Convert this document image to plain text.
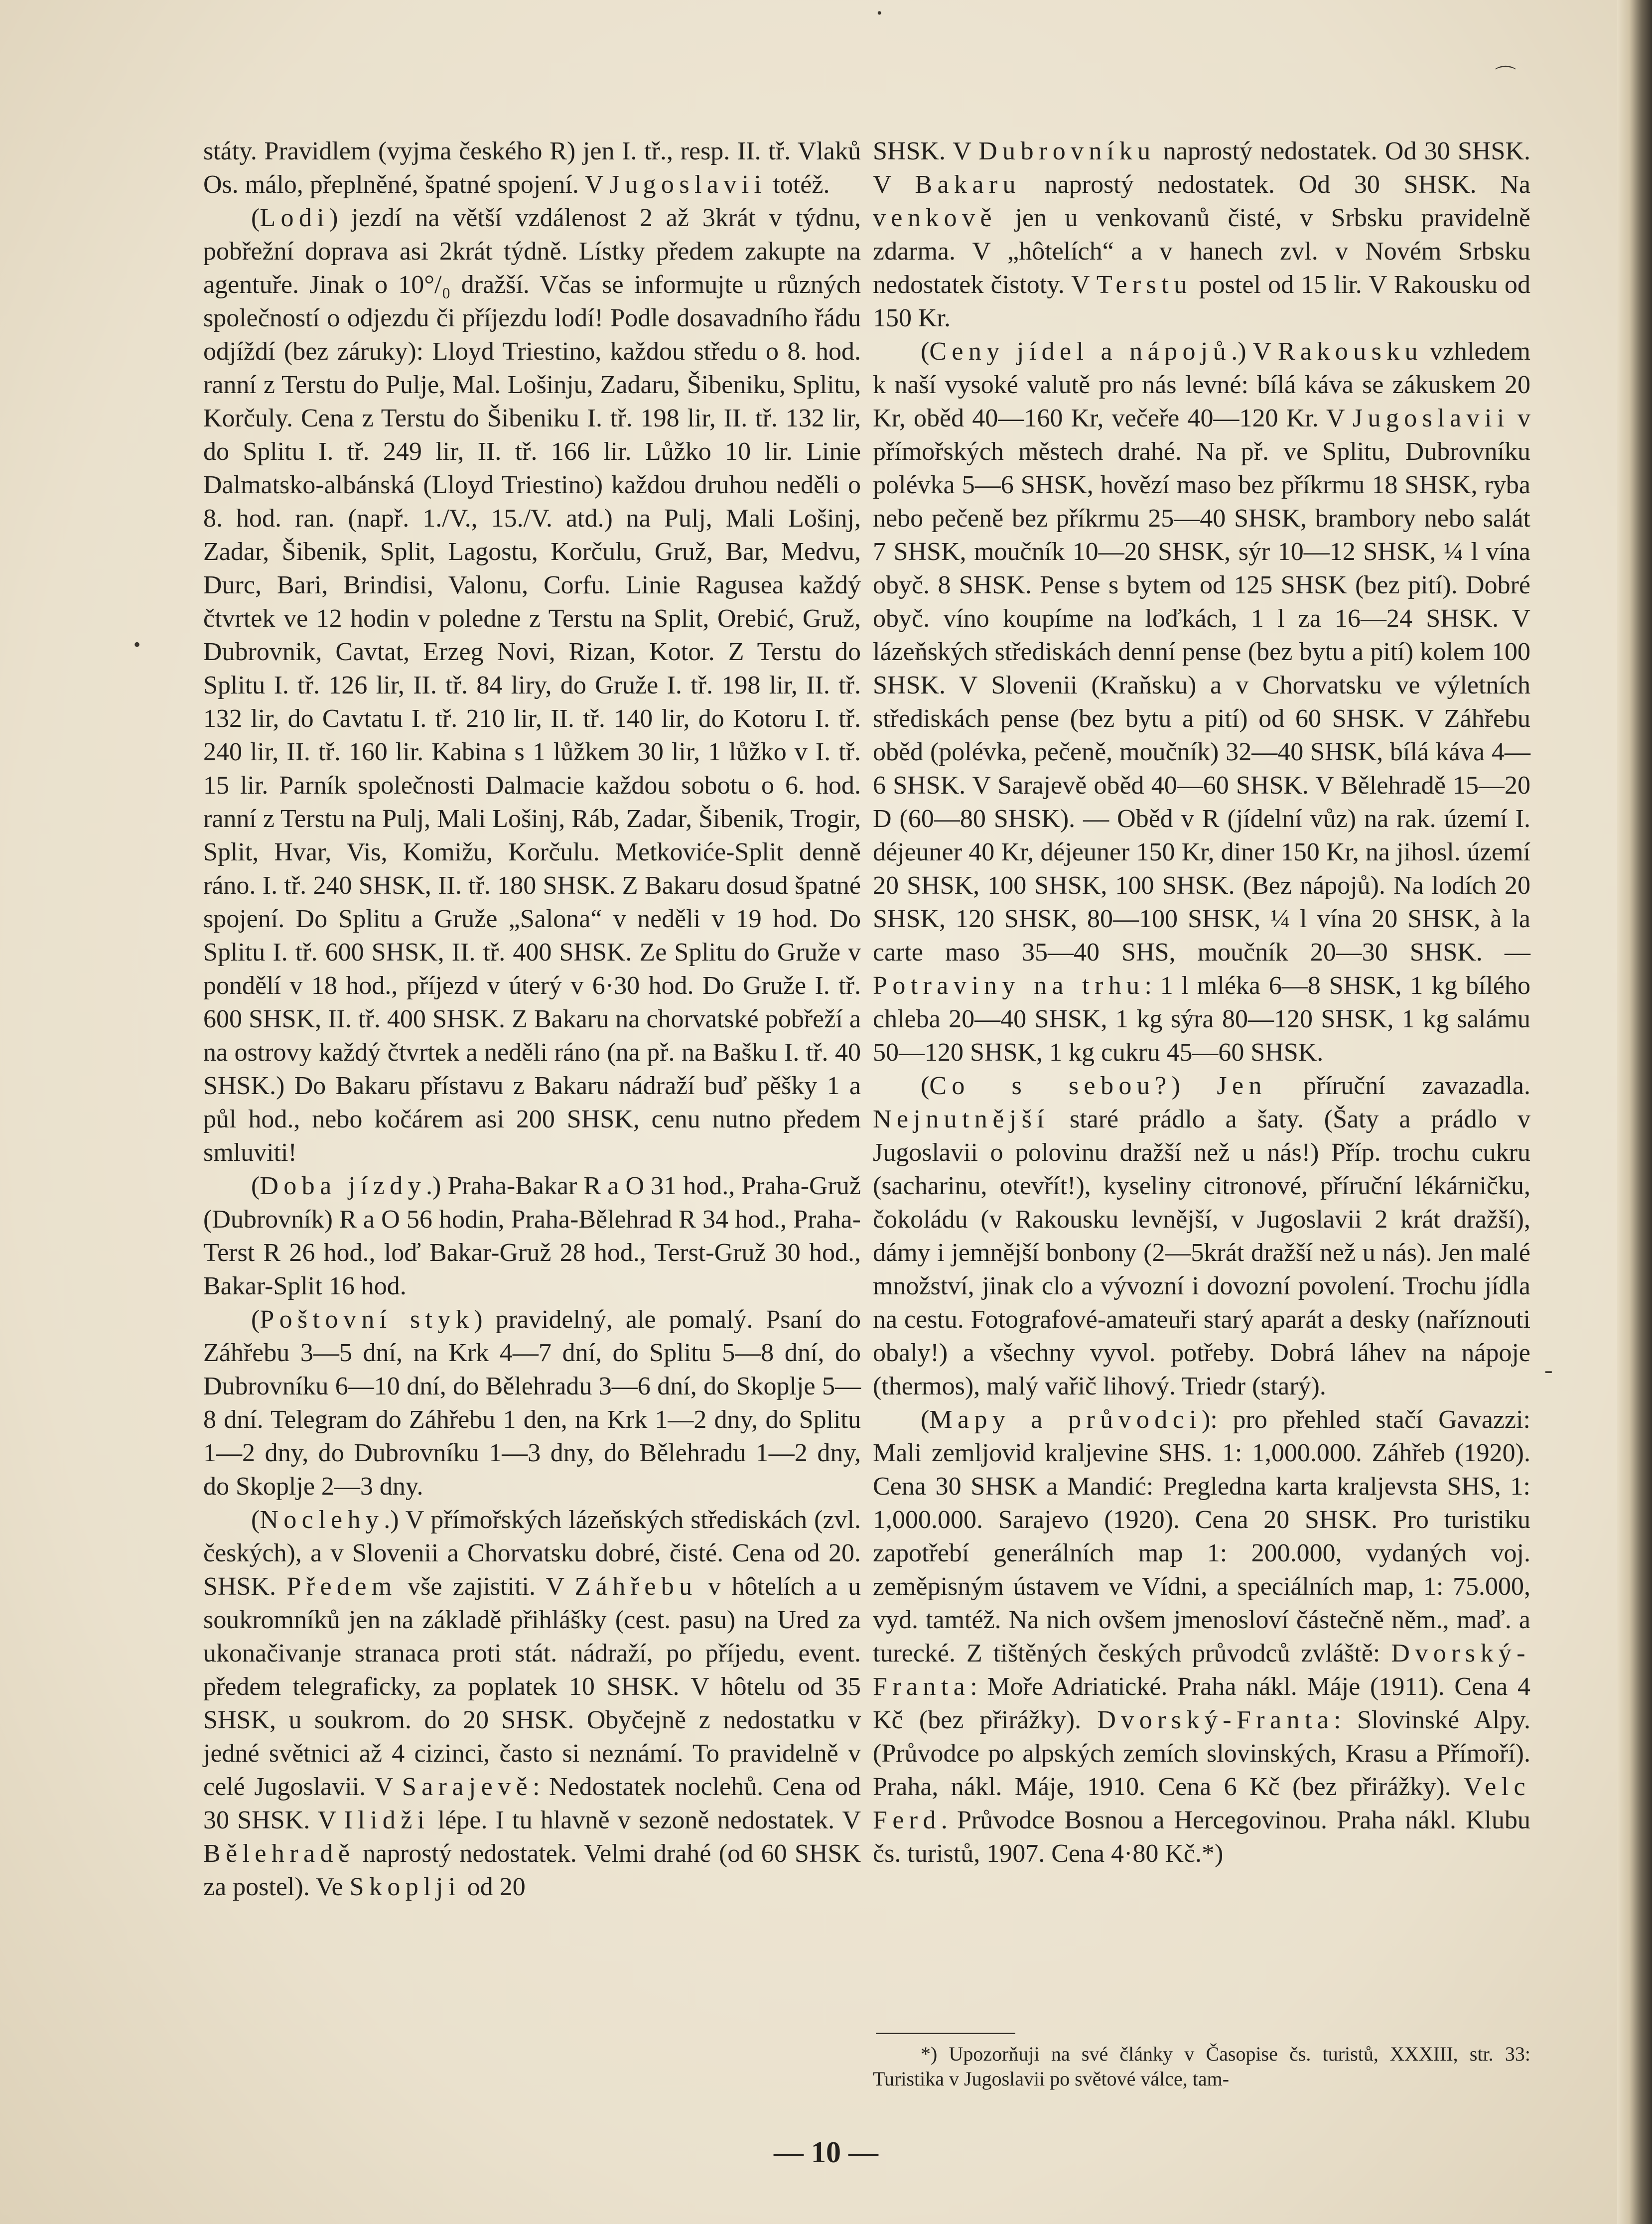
•
⌒
•
-

státy. Pravidlem (vyjma českého R) jen I. tř., resp. II. tř. Vlaků Os. málo, přeplněné, špatné spojení. V Jugoslavii totéž.

(Lodi) jezdí na větší vzdálenost 2 až 3krát v týdnu, pobřežní doprava asi 2krát týdně. Lístky předem zakupte na agentuře. Jinak o 10°/₀ dražší. Včas se informujte u různých společností o odjezdu či příjezdu lodí! Podle dosavadního řádu odjíždí (bez záruky): Lloyd Triestino, každou středu o 8. hod. ranní z Terstu do Pulje, Mal. Lošinju, Zadaru, Šibeniku, Splitu, Korčuly. Cena z Terstu do Šibeniku I. tř. 198 lir, II. tř. 132 lir, do Splitu I. tř. 249 lir, II. tř. 166 lir. Lůžko 10 lir. Linie Dalmatsko-albánská (Lloyd Triestino) každou druhou neděli o 8. hod. ran. (např. 1./V., 15./V. atd.) na Pulj, Mali Lošinj, Zadar, Šibenik, Split, Lagostu, Korčulu, Gruž, Bar, Medvu, Durc, Bari, Brindisi, Valonu, Corfu. Linie Ragusea každý čtvrtek ve 12 hodin v poledne z Terstu na Split, Orebić, Gruž, Dubrovnik, Cavtat, Erzeg Novi, Rizan, Kotor. Z Terstu do Splitu I. tř. 126 lir, II. tř. 84 liry, do Gruže I. tř. 198 lir, II. tř. 132 lir, do Cavtatu I. tř. 210 lir, II. tř. 140 lir, do Kotoru I. tř. 240 lir, II. tř. 160 lir. Kabina s 1 lůžkem 30 lir, 1 lůžko v I. tř. 15 lir. Parník společnosti Dalmacie každou sobotu o 6. hod. ranní z Terstu na Pulj, Mali Lošinj, Ráb, Zadar, Šibenik, Trogir, Split, Hvar, Vis, Komižu, Korčulu. Metkoviće-Split denně ráno. I. tř. 240 SHSK, II. tř. 180 SHSK. Z Bakaru dosud špatné spojení. Do Splitu a Gruže „Salona“ v neděli v 19 hod. Do Splitu I. tř. 600 SHSK, II. tř. 400 SHSK. Ze Splitu do Gruže v pondělí v 18 hod., příjezd v úterý v 6·30 hod. Do Gruže I. tř. 600 SHSK, II. tř. 400 SHSK. Z Bakaru na chorvatské pobřeží a na ostrovy každý čtvrtek a neděli ráno (na př. na Bašku I. tř. 40 SHSK.) Do Bakaru přístavu z Bakaru nádraží buď pěšky 1 a půl hod., nebo kočárem asi 200 SHSK, cenu nutno předem smluviti!

(Doba jízdy.) Praha-Bakar R a O 31 hod., Praha-Gruž (Dubrovník) R a O 56 hodin, Praha-Bělehrad R 34 hod., Praha-Terst R 26 hod., loď Bakar-Gruž 28 hod., Terst-Gruž 30 hod., Bakar-Split 16 hod.

(Poštovní styk) pravidelný, ale pomalý. Psaní do Záhřebu 3—5 dní, na Krk 4—7 dní, do Splitu 5—8 dní, do Dubrovníku 6—10 dní, do Bělehradu 3—6 dní, do Skoplje 5—8 dní. Telegram do Záhřebu 1 den, na Krk 1—2 dny, do Splitu 1—2 dny, do Dubrovníku 1—3 dny, do Bělehradu 1—2 dny, do Skoplje 2—3 dny.

(Noclehy.) V přímořských lázeňských střediskách (zvl. českých), a v Slovenii a Chorvatsku dobré, čisté. Cena od 20. SHSK. Předem vše zajistiti. V Záhřebu v hôtelích a u soukromníků jen na základě přihlášky (cest. pasu) na Ured za ukonačivanje stranaca proti stát. nádraží, po příjedu, event. předem telegraficky, za poplatek 10 SHSK. V hôtelu od 35 SHSK, u soukrom. do 20 SHSK. Obyčejně z nedostatku v jedné světnici až 4 cizinci, často si neznámí. To pravidelně v celé Jugoslavii. V Sarajevě: Nedostatek noclehů. Cena od 30 SHSK. V Ilidži lépe. I tu hlavně v sezoně nedostatek. V Bělehradě naprostý nedostatek. Velmi drahé (od 60 SHSK za postel). Ve Skoplji od 20

SHSK. V Dubrovníku naprostý nedostatek. Od 30 SHSK. V Bakaru naprostý nedostatek. Od 30 SHSK. Na venkově jen u venkovanů čisté, v Srbsku pravidelně zdarma. V „hôtelích“ a v hanech zvl. v Novém Srbsku nedostatek čistoty. V Terstu postel od 15 lir. V Rakousku od 150 Kr.

(Ceny jídel a nápojů.) V Rakousku vzhledem k naší vysoké valutě pro nás levné: bílá káva se zákuskem 20 Kr, oběd 40—160 Kr, večeře 40—120 Kr. V Jugoslavii v přímořských městech drahé. Na př. ve Splitu, Dubrovníku polévka 5—6 SHSK, hovězí maso bez příkrmu 18 SHSK, ryba nebo pečeně bez příkrmu 25—40 SHSK, brambory nebo salát 7 SHSK, moučník 10—20 SHSK, sýr 10—12 SHSK, ¼ l vína obyč. 8 SHSK. Pense s bytem od 125 SHSK (bez pití). Dobré obyč. víno koupíme na loďkách, 1 l za 16—24 SHSK. V lázeňských střediskách denní pense (bez bytu a pití) kolem 100 SHSK. V Slovenii (Kraňsku) a v Chorvatsku ve výletních střediskách pense (bez bytu a pití) od 60 SHSK. V Záhřebu oběd (polévka, pečeně, moučník) 32—40 SHSK, bílá káva 4—6 SHSK. V Sarajevě oběd 40—60 SHSK. V Bělehradě 15—20 D (60—80 SHSK). — Oběd v R (jídelní vůz) na rak. území I. déjeuner 40 Kr, déjeuner 150 Kr, diner 150 Kr, na jihosl. území 20 SHSK, 100 SHSK, 100 SHSK. (Bez nápojů). Na lodích 20 SHSK, 120 SHSK, 80—100 SHSK, ¼ l vína 20 SHSK, à la carte maso 35—40 SHS, moučník 20—30 SHSK. — Potraviny na trhu: 1 l mléka 6—8 SHSK, 1 kg bílého chleba 20—40 SHSK, 1 kg sýra 80—120 SHSK, 1 kg salámu 50—120 SHSK, 1 kg cukru 45—60 SHSK.

(Co s sebou?) Jen příruční zavazadla. Nejnutnější staré prádlo a šaty. (Šaty a prádlo v Jugoslavii o polovinu dražší než u nás!) Příp. trochu cukru (sacharinu, otevřít!), kyseliny citronové, příruční lékárničku, čokoládu (v Rakousku levnější, v Jugoslavii 2 krát dražší), dámy i jemnější bonbony (2—5krát dražší než u nás). Jen malé množství, jinak clo a vývozní i dovozní povolení. Trochu jídla na cestu. Fotografové-amateuři starý aparát a desky (naříznouti obaly!) a všechny vyvol. potřeby. Dobrá láhev na nápoje (thermos), malý vařič lihový. Triedr (starý).

(Mapy a průvodci): pro přehled stačí Gavazzi: Mali zemljovid kraljevine SHS. 1: 1,000.000. Záhřeb (1920). Cena 30 SHSK a Mandić: Pregledna karta kraljevsta SHS, 1: 1,000.000. Sarajevo (1920). Cena 20 SHSK. Pro turistiku zapotřebí generálních map 1: 200.000, vydaných voj. zeměpisným ústavem ve Vídni, a speciálních map, 1: 75.000, vyd. tamtéž. Na nich ovšem jmenosloví částečně něm., maď. a turecké. Z tištěných českých průvodců zvláště: Dvorský-Franta: Moře Adriatické. Praha nákl. Máje (1911). Cena 4 Kč (bez přirážky). Dvorský-Franta: Slovinské Alpy. (Průvodce po alpských zemích slovinských, Krasu a Přímoří). Praha, nákl. Máje, 1910. Cena 6 Kč (bez přirážky). Velc Ferd. Průvodce Bosnou a Hercegovinou. Praha nákl. Klubu čs. turistů, 1907. Cena 4·80 Kč.*)

*) Upozorňuji na své články v Časopise čs. turistů, XXXIII, str. 33: Turistika v Jugoslavii po světové válce, tam-

— 10 —
